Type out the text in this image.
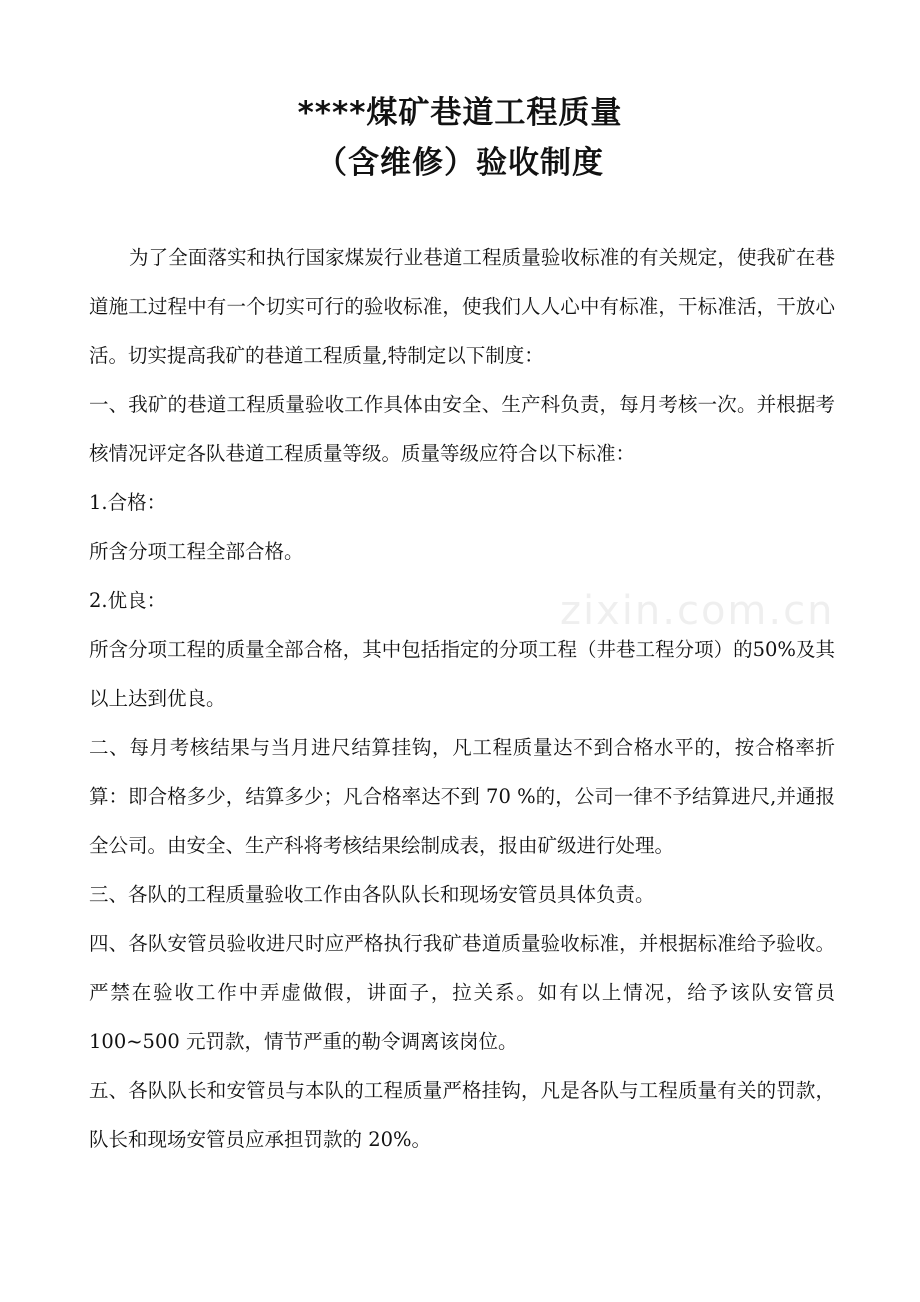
****煤矿巷道工程质量
（含维修）验收制度

为了全面落实和执行国家煤炭行业巷道工程质量验收标准的有关规定，使我矿在巷道施工过程中有一个切实可行的验收标准，使我们人人心中有标准，干标准活，干放心活。切实提高我矿的巷道工程质量,特制定以下制度：

一、我矿的巷道工程质量验收工作具体由安全、生产科负责，每月考核一次。并根据考核情况评定各队巷道工程质量等级。质量等级应符合以下标准：

1.合格：

所含分项工程全部合格。

2.优良：

所含分项工程的质量全部合格，其中包括指定的分项工程（井巷工程分项）的50%及其以上达到优良。

二、每月考核结果与当月进尺结算挂钩，凡工程质量达不到合格水平的，按合格率折算：即合格多少，结算多少；凡合格率达不到 70 %的，公司一律不予结算进尺,并通报全公司。由安全、生产科将考核结果绘制成表，报由矿级进行处理。

三、各队的工程质量验收工作由各队队长和现场安管员具体负责。

四、各队安管员验收进尺时应严格执行我矿巷道质量验收标准，并根据标准给予验收。严禁在验收工作中弄虚做假，讲面子，拉关系。如有以上情况，给予该队安管员 100~500 元罚款，情节严重的勒令调离该岗位。

五、各队队长和安管员与本队的工程质量严格挂钩，凡是各队与工程质量有关的罚款，队长和现场安管员应承担罚款的 20%。

zixin.com.cn
